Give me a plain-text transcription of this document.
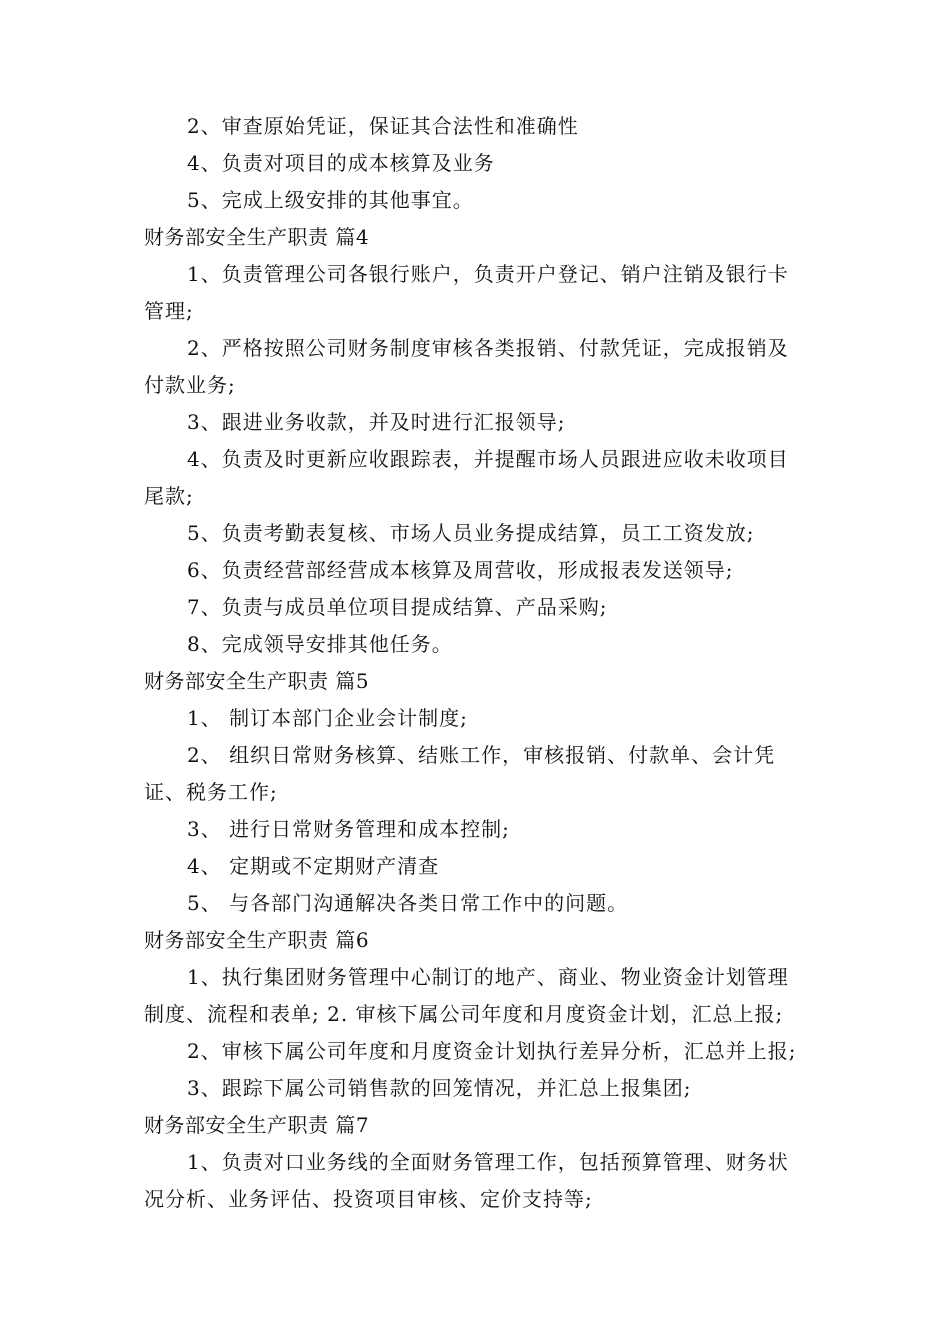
2、审查原始凭证，保证其合法性和准确性
4、负责对项目的成本核算及业务
5、完成上级安排的其他事宜。
财务部安全生产职责 篇4
1、负责管理公司各银行账户，负责开户登记、销户注销及银行卡
管理;
2、严格按照公司财务制度审核各类报销、付款凭证，完成报销及
付款业务;
3、跟进业务收款，并及时进行汇报领导;
4、负责及时更新应收跟踪表，并提醒市场人员跟进应收未收项目
尾款;
5、负责考勤表复核、市场人员业务提成结算，员工工资发放;
6、负责经营部经营成本核算及周营收，形成报表发送领导;
7、负责与成员单位项目提成结算、产品采购;
8、完成领导安排其他任务。
财务部安全生产职责 篇5
1、 制订本部门企业会计制度;
2、 组织日常财务核算、结账工作，审核报销、付款单、会计凭
证、税务工作;
3、 进行日常财务管理和成本控制;
4、 定期或不定期财产清查
5、 与各部门沟通解决各类日常工作中的问题。
财务部安全生产职责 篇6
1、执行集团财务管理中心制订的地产、商业、物业资金计划管理
制度、流程和表单; 2. 审核下属公司年度和月度资金计划，汇总上报;
2、审核下属公司年度和月度资金计划执行差异分析，汇总并上报;
3、跟踪下属公司销售款的回笼情况，并汇总上报集团;
财务部安全生产职责 篇7
1、负责对口业务线的全面财务管理工作，包括预算管理、财务状
况分析、业务评估、投资项目审核、定价支持等;
